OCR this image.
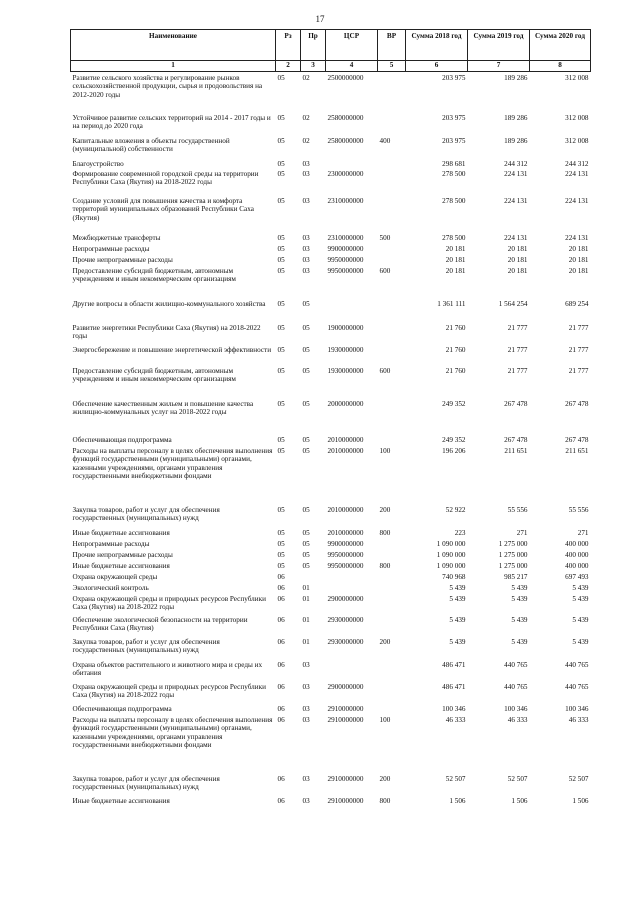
17
Наименование	Рз	Пр	ЦСР	ВР	Сумма 2018 год	Сумма 2019 год	Сумма 2020 год
1	2	3	4	5	6	7	8
Развитие сельского хозяйства и регулирование рынков сельскохозяйственной продукции, сырья и продовольствия на 2012-2020 годы	05	02	2500000000		203 975	189 286	312 008
Устойчивое развитие сельских территорий на 2014 - 2017 годы и на период до 2020 года	05	02	2580000000		203 975	189 286	312 008
Капитальные вложения в объекты государственной (муниципальной) собственности	05	02	2580000000	400	203 975	189 286	312 008
Благоустройство	05	03			298 681	244 312	244 312
Формирование современной городской среды на территории Республики Саха (Якутия) на 2018-2022 годы	05	03	2300000000		278 500	224 131	224 131
Создание условий для повышения качества и комфорта территорий муниципальных образований Республики Саха (Якутия)	05	03	2310000000		278 500	224 131	224 131
Межбюджетные трансферты	05	03	2310000000	500	278 500	224 131	224 131
Непрограммные расходы	05	03	9900000000		20 181	20 181	20 181
Прочие непрограммные расходы	05	03	9950000000		20 181	20 181	20 181
Предоставление субсидий бюджетным, автономным учреждениям и иным некоммерческим организациям	05	03	9950000000	600	20 181	20 181	20 181
Другие вопросы в области жилищно-коммунального хозяйства	05	05			1 361 111	1 564 254	689 254
Развитие энергетики Республики Саха (Якутия) на 2018-2022 годы	05	05	1900000000		21 760	21 777	21 777
Энергосбережение и повышение энергетической эффективности	05	05	1930000000		21 760	21 777	21 777
Предоставление субсидий бюджетным, автономным учреждениям и иным некоммерческим организациям	05	05	1930000000	600	21 760	21 777	21 777
Обеспечение качественным жильем и повышение качества жилищно-коммунальных услуг на 2018-2022 годы	05	05	2000000000		249 352	267 478	267 478
Обеспечивающая подпрограмма	05	05	2010000000		249 352	267 478	267 478
Расходы на выплаты персоналу в целях обеспечения выполнения функций государственными (муниципальными) органами, казенными учреждениями, органами управления государственными внебюджетными фондами	05	05	2010000000	100	196 206	211 651	211 651
Закупка товаров, работ и услуг для обеспечения государственных (муниципальных) нужд	05	05	2010000000	200	52 922	55 556	55 556
Иные бюджетные ассигнования	05	05	2010000000	800	223	271	271
Непрограммные расходы	05	05	9900000000		1 090 000	1 275 000	400 000
Прочие непрограммные расходы	05	05	9950000000		1 090 000	1 275 000	400 000
Иные бюджетные ассигнования	05	05	9950000000	800	1 090 000	1 275 000	400 000
Охрана окружающей среды	06				740 968	985 217	697 493
Экологический контроль	06	01			5 439	5 439	5 439
Охрана окружающей среды и природных ресурсов Республики Саха (Якутия) на 2018-2022 годы	06	01	2900000000		5 439	5 439	5 439
Обеспечение экологической безопасности на территории Республики Саха (Якутия)	06	01	2930000000		5 439	5 439	5 439
Закупка товаров, работ и услуг для обеспечения государственных (муниципальных) нужд	06	01	2930000000	200	5 439	5 439	5 439
Охрана объектов растительного и животного мира и среды их обитания	06	03			486 471	440 765	440 765
Охрана окружающей среды и природных ресурсов Республики Саха (Якутия) на 2018-2022 годы	06	03	2900000000		486 471	440 765	440 765
Обеспечивающая подпрограмма	06	03	2910000000		100 346	100 346	100 346
Расходы на выплаты персоналу в целях обеспечения выполнения функций государственными (муниципальными) органами, казенными учреждениями, органами управления государственными внебюджетными фондами	06	03	2910000000	100	46 333	46 333	46 333
Закупка товаров, работ и услуг для обеспечения государственных (муниципальных) нужд	06	03	2910000000	200	52 507	52 507	52 507
Иные бюджетные ассигнования	06	03	2910000000	800	1 506	1 506	1 506
